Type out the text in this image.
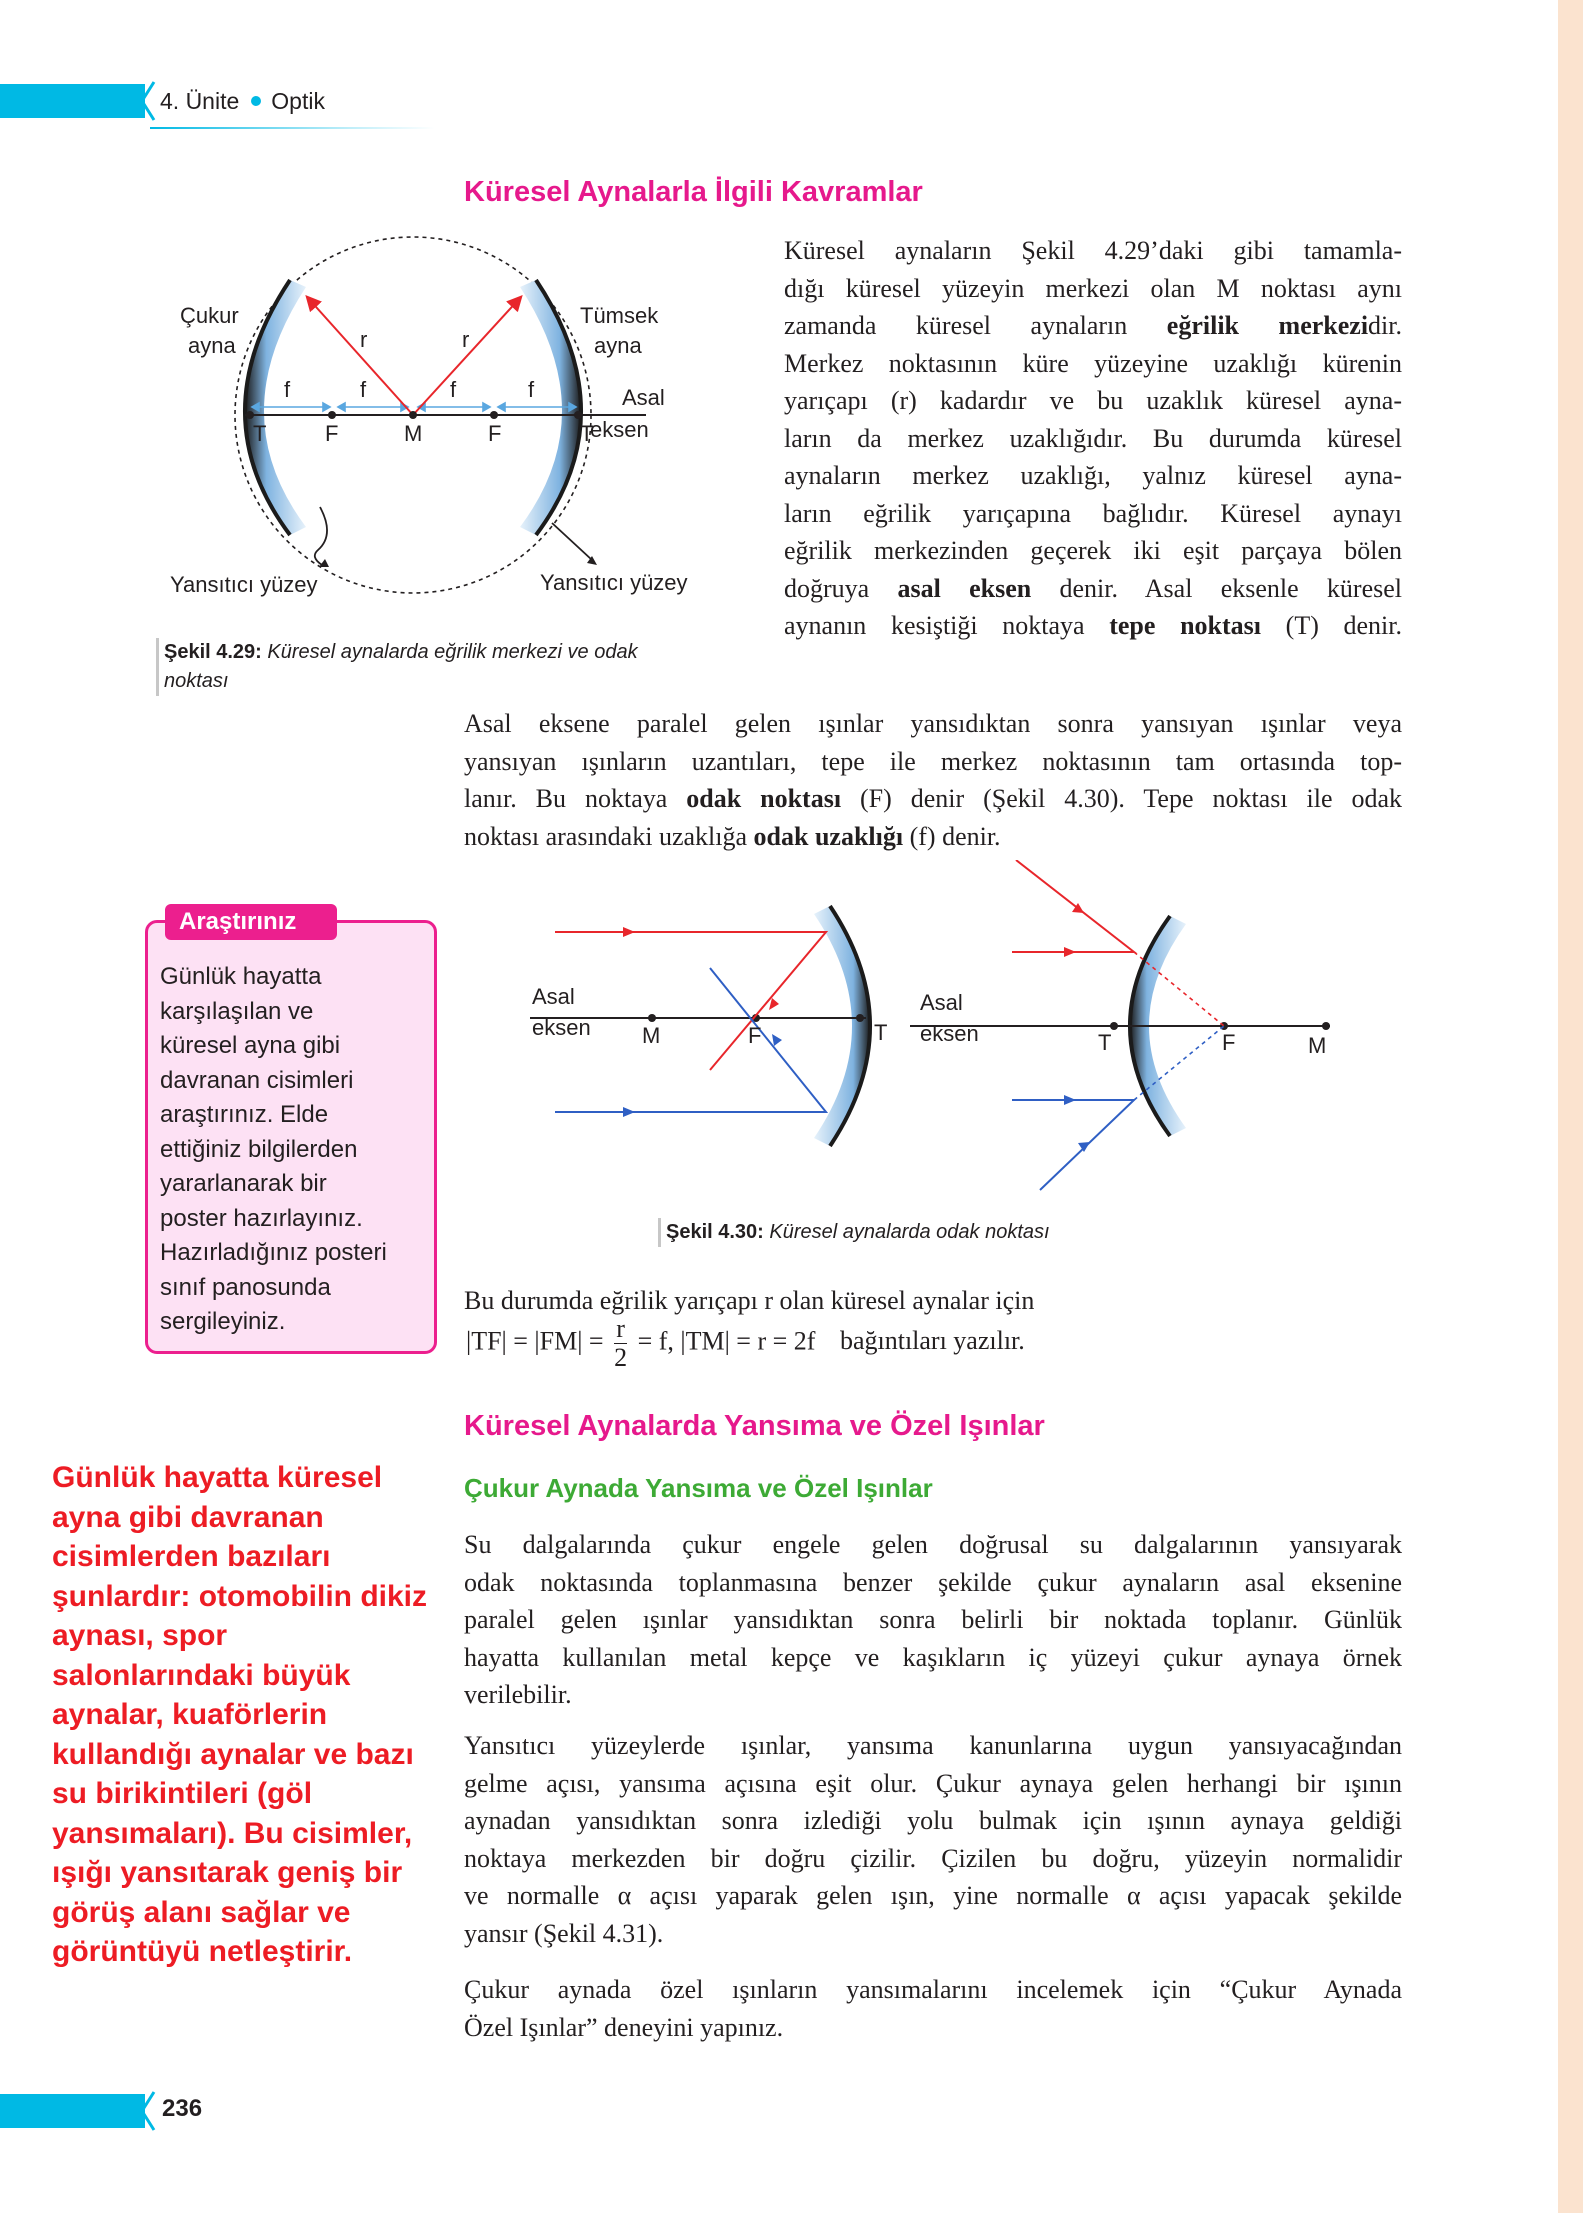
4. Ünite Optik
Küresel Aynalarla İlgili Kavramlar
Çukur
ayna
Tümsek
ayna
Asal
eksen
r	r
f	f	f	f
T	F	M	F	T
Yansıtıcı yüzey	Yansıtıcı yüzey
Şekil 4.29: Küresel aynalarda eğrilik merkezi ve odak
noktası

Küresel aynaların Şekil 4.29’daki gibi tamamla-

dığı küresel yüzeyin merkezi olan M noktası aynı

zamanda küresel aynaların eğrilik merkezidir.

Merkez noktasının küre yüzeyine uzaklığı kürenin

yarıçapı (r) kadardır ve bu uzaklık küresel ayna-

ların da merkez uzaklığıdır. Bu durumda küresel

aynaların merkez uzaklığı, yalnız küresel ayna-

ların eğrilik yarıçapına bağlıdır. Küresel aynayı

eğrilik merkezinden geçerek iki eşit parçaya bölen

doğruya asal eksen denir. Asal eksenle küresel

aynanın kesiştiği noktaya tepe noktası (T) denir.

Asal eksene paralel gelen ışınlar yansıdıktan sonra yansıyan ışınlar veya

yansıyan ışınların uzantıları, tepe ile merkez noktasının tam ortasında top-

lanır. Bu noktaya odak noktası (F) denir (Şekil 4.30). Tepe noktası ile odak

noktası arasındaki uzaklığa odak uzaklığı (f) denir.

Araştırınız
Günlük hayatta
karşılaşılan ve
küresel ayna gibi
davranan cisimleri
araştırınız. Elde
ettiğiniz bilgilerden
yararlanarak bir
poster hazırlayınız.
Hazırladığınız posteri
sınıf panosunda
sergileyiniz.
Asal
eksen M	F	T
Asal
eksen	T	F	M
Şekil 4.30: Küresel aynalarda odak noktası
Bu durumda eğrilik yarıçapı r olan küresel aynalar için
$|TF| = |FM| = \frac{r}{2} = f$, |TM| = r = 2f bağıntıları yazılır.
Küresel Aynalarda Yansıma ve Özel Işınlar
Çukur Aynada Yansıma ve Özel Işınlar

Su dalgalarında çukur engele gelen doğrusal su dalgalarının yansıyarak

odak noktasında toplanmasına benzer şekilde çukur aynaların asal eksenine

paralel gelen ışınlar yansıdıktan sonra belirli bir noktada toplanır. Günlük

hayatta kullanılan metal kepçe ve kaşıkların iç yüzeyi çukur aynaya örnek

verilebilir.

Yansıtıcı yüzeylerde ışınlar, yansıma kanunlarına uygun yansıyacağından

gelme açısı, yansıma açısına eşit olur. Çukur aynaya gelen herhangi bir ışının

aynadan yansıdıktan sonra izlediği yolu bulmak için ışının aynaya geldiği

noktaya merkezden bir doğru çizilir. Çizilen bu doğru, yüzeyin normalidir

ve normalle α açısı yaparak gelen ışın, yine normalle α açısı yapacak şekilde

yansır (Şekil 4.31).

Çukur aynada özel ışınların yansımalarını incelemek için “Çukur Aynada

Özel Işınlar” deneyini yapınız.

Günlük hayatta küresel
ayna gibi davranan
cisimlerden bazıları
şunlardır: otomobilin dikiz
aynası, spor
salonlarındaki büyük
aynalar, kuaförlerin
kullandığı aynalar ve bazı
su birikintileri (göl
yansımaları). Bu cisimler,
ışığı yansıtarak geniş bir
görüş alanı sağlar ve
görüntüyü netleştirir.
236
